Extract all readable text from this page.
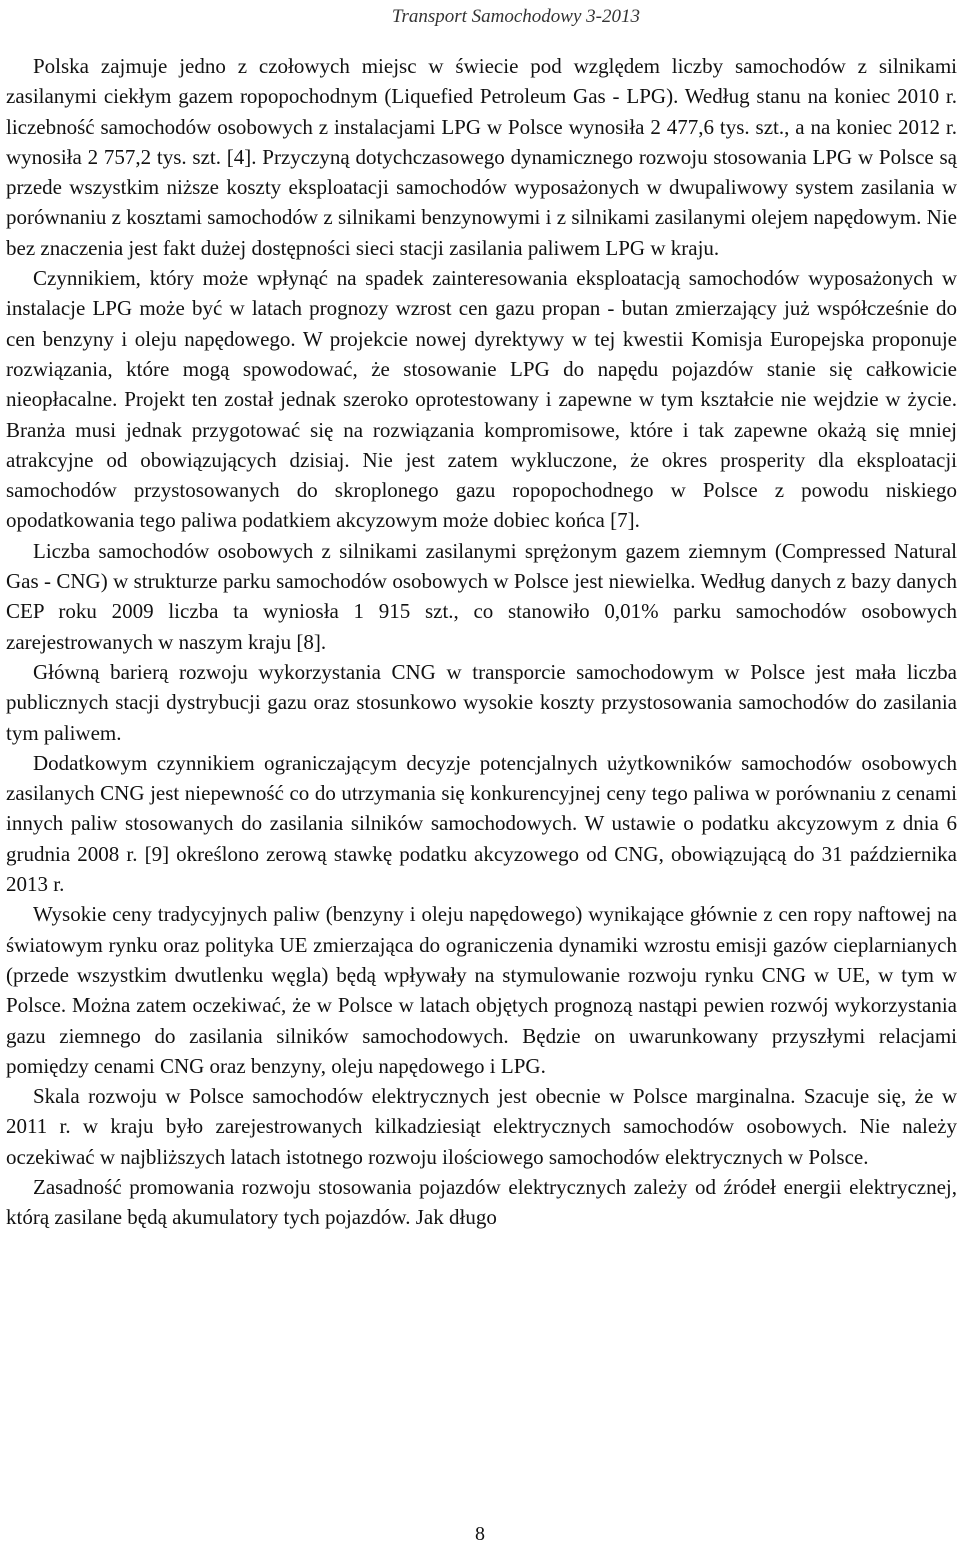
Transport Samochodowy 3-2013

Polska zajmuje jedno z czołowych miejsc w świecie pod względem liczby samochodów z silnikami zasilanymi ciekłym gazem ropopochodnym (Liquefied Petroleum Gas - LPG). Według stanu na koniec 2010 r. liczebność samochodów osobowych z instalacjami LPG w Polsce wynosiła 2 477,6 tys. szt., a na koniec 2012 r. wynosiła 2 757,2 tys. szt. [4]. Przyczyną dotychczasowego dynamicznego rozwoju stosowania LPG w Polsce są przede wszystkim niższe koszty eksploatacji samochodów wyposażonych w dwupaliwowy system zasilania w porównaniu z kosztami samochodów z silnikami benzynowymi i z silnikami zasilanymi olejem napędowym. Nie bez znaczenia jest fakt dużej dostępności sieci stacji zasilania paliwem LPG w kraju.

Czynnikiem, który może wpłynąć na spadek zainteresowania eksploatacją samochodów wyposażonych w instalacje LPG może być w latach prognozy wzrost cen gazu propan - butan zmierzający już współcześnie do cen benzyny i oleju napędowego. W projekcie nowej dyrektywy w tej kwestii Komisja Europejska proponuje rozwiązania, które mogą spowodować, że stosowanie LPG do napędu pojazdów stanie się całkowicie nieopłacalne. Projekt ten został jednak szeroko oprotestowany i zapewne w tym kształcie nie wejdzie w życie. Branża musi jednak przygotować się na rozwiązania kompromisowe, które i tak zapewne okażą się mniej atrakcyjne od obowiązujących dzisiaj. Nie jest zatem wykluczone, że okres prosperity dla eksploatacji samochodów przystosowanych do skroplonego gazu ropopochodnego w Polsce z powodu niskiego opodatkowania tego paliwa podatkiem akcyzowym może dobiec końca [7].

Liczba samochodów osobowych z silnikami zasilanymi sprężonym gazem ziemnym (Compressed Natural Gas - CNG) w strukturze parku samochodów osobowych w Polsce jest niewielka. Według danych z bazy danych CEP roku 2009 liczba ta wyniosła 1 915 szt., co stanowiło 0,01% parku samochodów osobowych zarejestrowanych w naszym kraju [8].

Główną barierą rozwoju wykorzystania CNG w transporcie samochodowym w Polsce jest mała liczba publicznych stacji dystrybucji gazu oraz stosunkowo wysokie koszty przystosowania samochodów do zasilania tym paliwem.

Dodatkowym czynnikiem ograniczającym decyzje potencjalnych użytkowników samochodów osobowych zasilanych CNG jest niepewność co do utrzymania się konkurencyjnej ceny tego paliwa w porównaniu z cenami innych paliw stosowanych do zasilania silników samochodowych. W ustawie o podatku akcyzowym z dnia 6 grudnia 2008 r. [9] określono zerową stawkę podatku akcyzowego od CNG, obowiązującą do 31 października 2013 r.

Wysokie ceny tradycyjnych paliw (benzyny i oleju napędowego) wynikające głównie z cen ropy naftowej na światowym rynku oraz polityka UE zmierzająca do ograniczenia dynamiki wzrostu emisji gazów cieplarnianych (przede wszystkim dwutlenku węgla) będą wpływały na stymulowanie rozwoju rynku CNG w UE, w tym w Polsce. Można zatem oczekiwać, że w Polsce w latach objętych prognozą nastąpi pewien rozwój wykorzystania gazu ziemnego do zasilania silników samochodowych. Będzie on uwarunkowany przyszłymi relacjami pomiędzy cenami CNG oraz benzyny, oleju napędowego i LPG.

Skala rozwoju w Polsce samochodów elektrycznych jest obecnie w Polsce marginalna. Szacuje się, że w 2011 r. w kraju było zarejestrowanych kilkadziesiąt elektrycznych samochodów osobowych. Nie należy oczekiwać w najbliższych latach istotnego rozwoju ilościowego samochodów elektrycznych w Polsce.

Zasadność promowania rozwoju stosowania pojazdów elektrycznych zależy od źródeł energii elektrycznej, którą zasilane będą akumulatory tych pojazdów. Jak długo

8
